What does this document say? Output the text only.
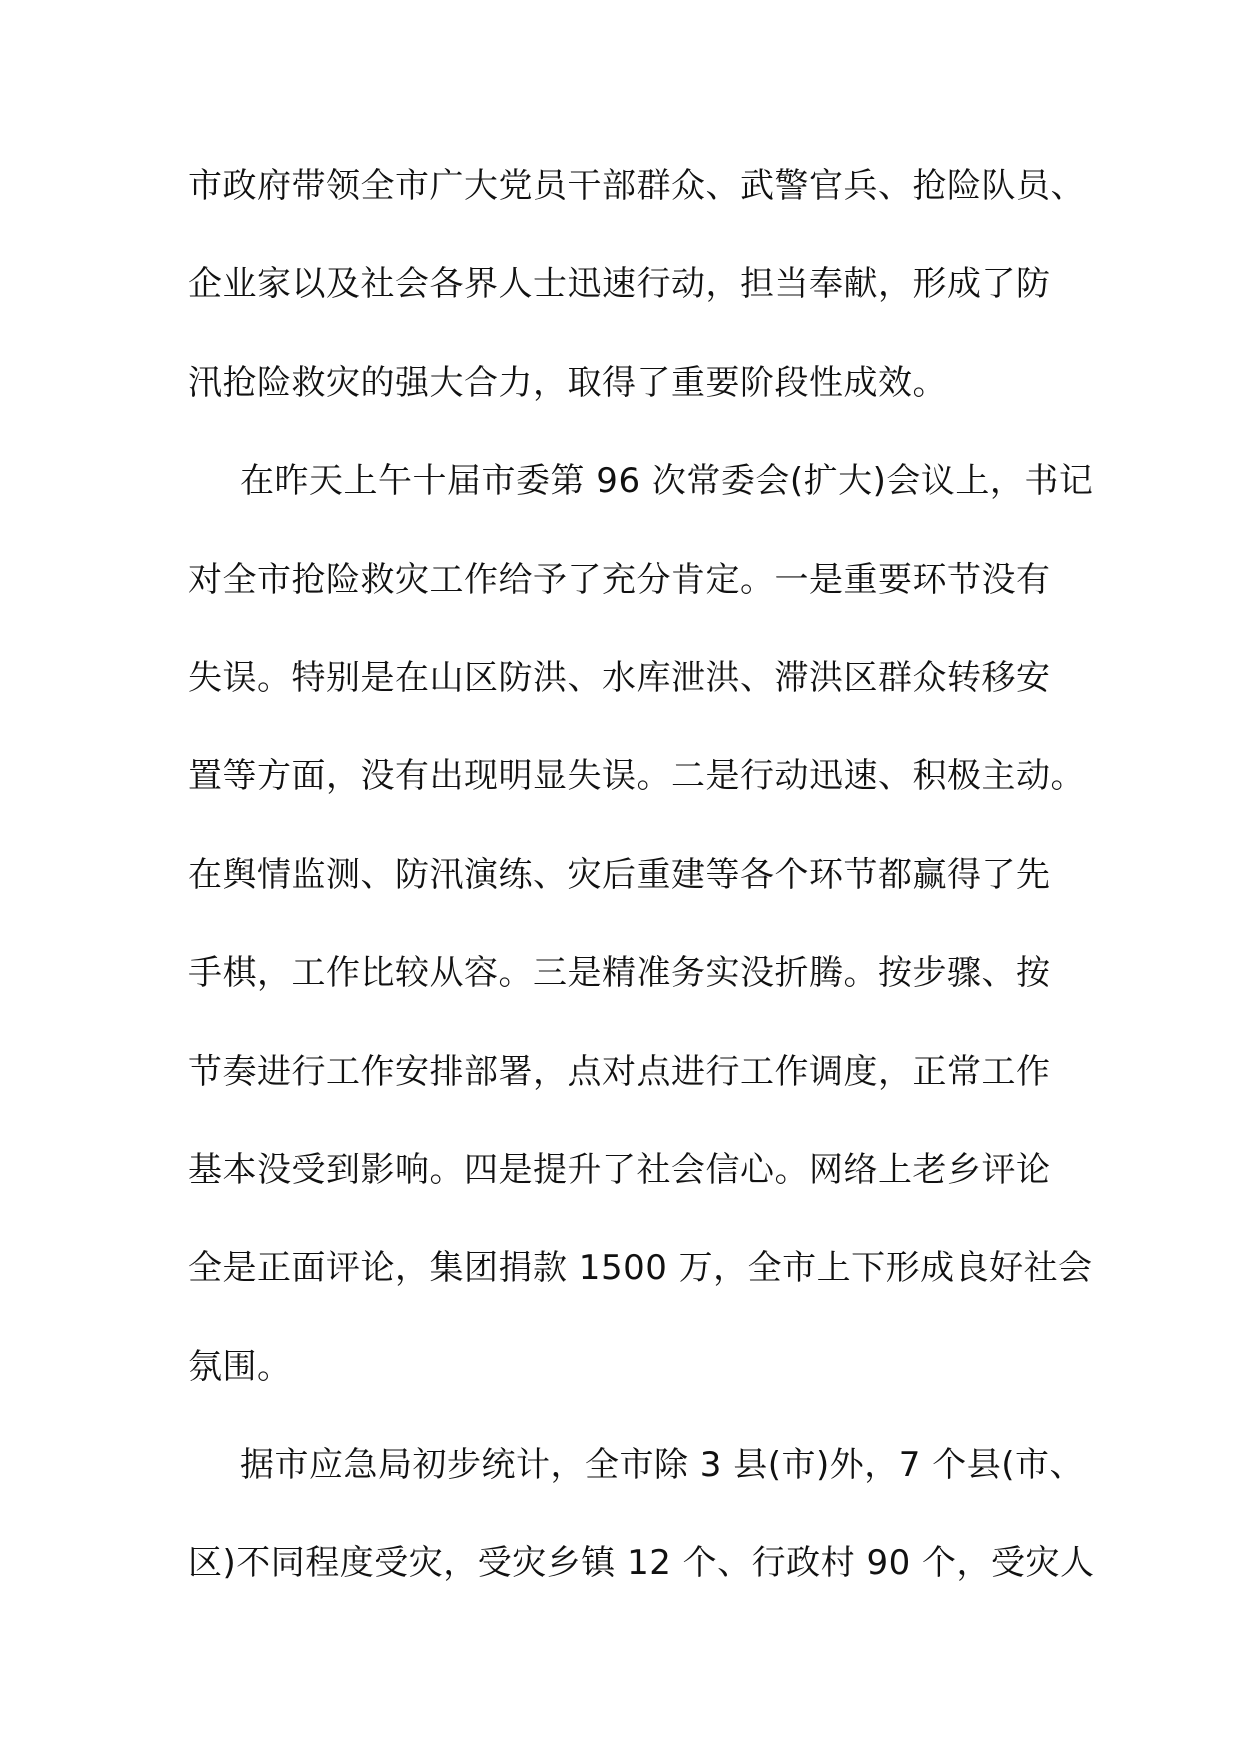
市政府带领全市广大党员干部群众、武警官兵、抢险队员、
企业家以及社会各界人士迅速行动，担当奉献，形成了防
汛抢险救灾的强大合力，取得了重要阶段性成效。
在昨天上午十届市委第 96 次常委会(扩大)会议上，书记
对全市抢险救灾工作给予了充分肯定。一是重要环节没有
失误。特别是在山区防洪、水库泄洪、滞洪区群众转移安
置等方面，没有出现明显失误。二是行动迅速、积极主动。
在舆情监测、防汛演练、灾后重建等各个环节都赢得了先
手棋，工作比较从容。三是精准务实没折腾。按步骤、按
节奏进行工作安排部署，点对点进行工作调度，正常工作
基本没受到影响。四是提升了社会信心。网络上老乡评论
全是正面评论，集团捐款 1500 万，全市上下形成良好社会
氛围。
据市应急局初步统计，全市除 3 县(市)外，7 个县(市、
区)不同程度受灾，受灾乡镇 12 个、行政村 90 个，受灾人
